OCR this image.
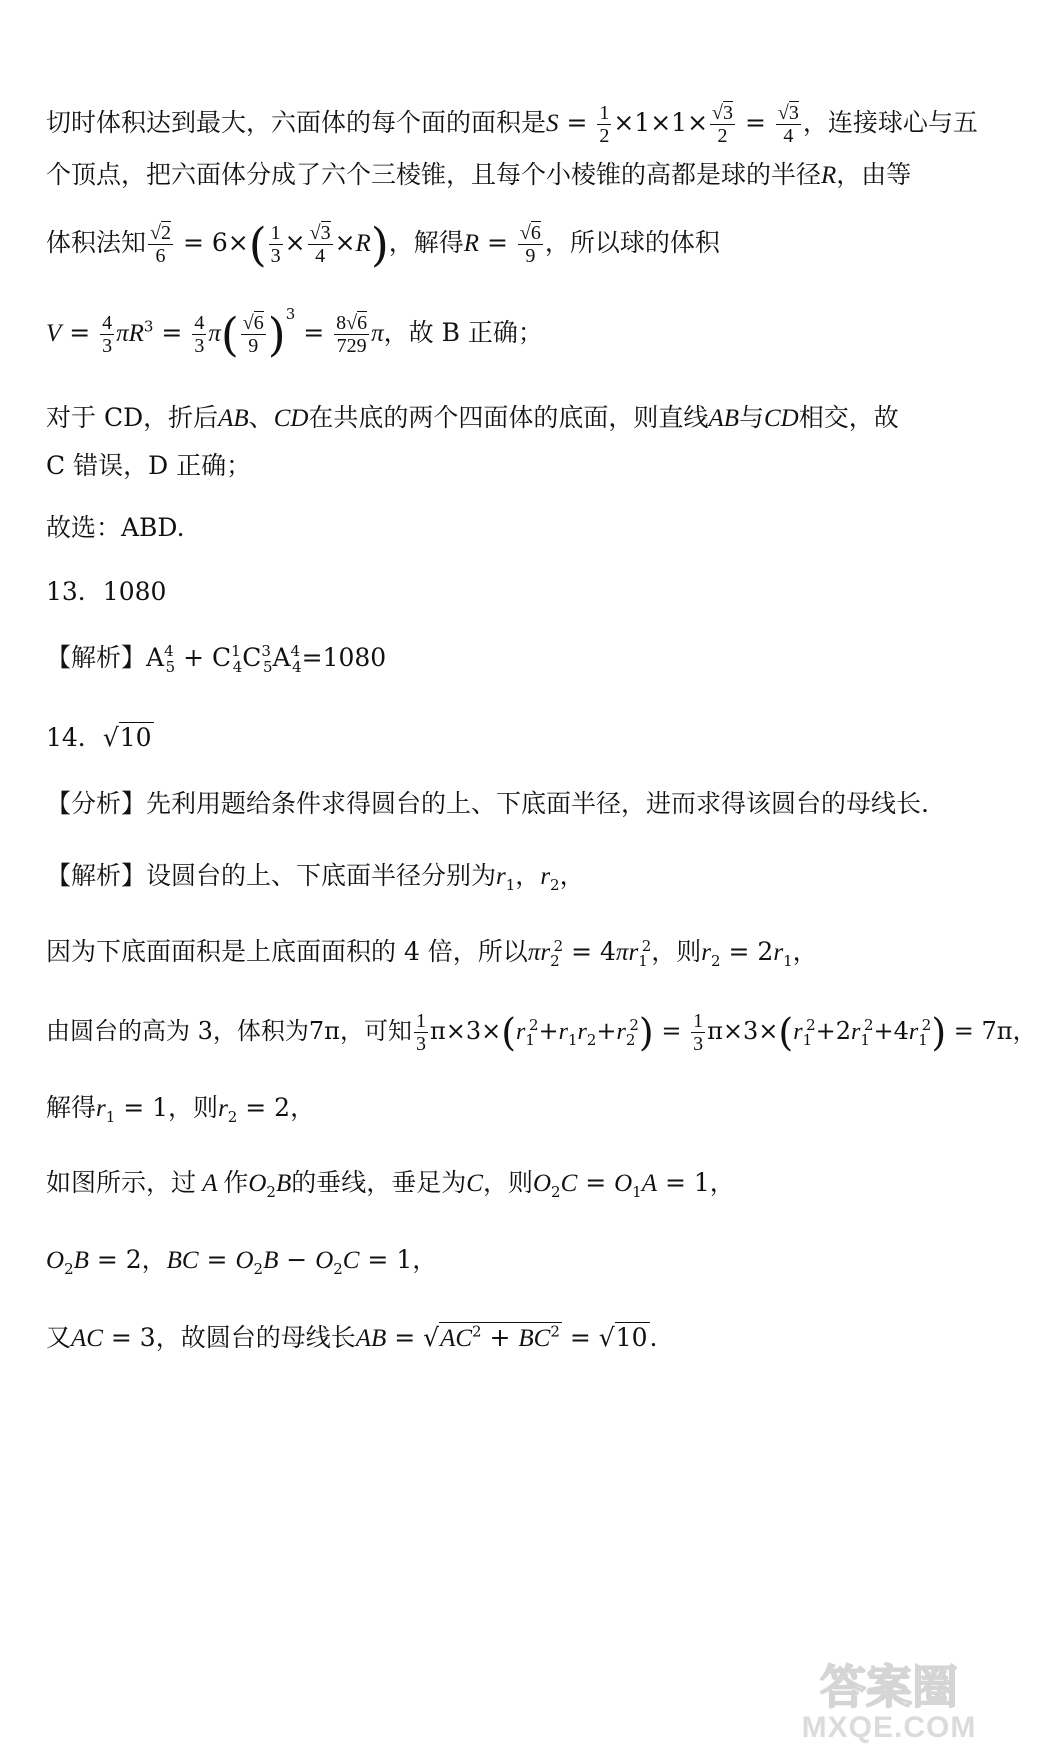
切时体积达到最大，六面体的每个面的面积是$S = \frac{1}{2} \times 1\times 1\times \frac{√3}{2} = \frac{√3}{4}$ ，连接球心与五
个顶点，把六面体分成了六个三棱锥，且每个小棱锥的高都是球的半径R，由等
体积法知 $\frac{√2}{6} = 6\times( \frac{1}{3} \times \frac{√3}{4} \times R)$，解得$R = \frac{√6}{9}$ ，所以球的体积
$V = \frac{4}{3} \pi R^3 = \frac{4}{3} \pi( \frac{√6}{9} )^3 = \frac{8√6}{729}$ π，故 B 正确；
对于 CD，折后AB、CD在共底的两个四面体的底面，则直线AB与CD相交，故
C 错误，D 正确；
故选：ABD.
13．1080
【解析】$A^4_5 + C^1_4C^3_5A^4_4=1080$
14．√10
【分析】先利用题给条件求得圆台的上、下底面半径，进而求得该圆台的母线长.
【解析】设圆台的上、下底面半径分别为$r_1$，$r_2$，
因为下底面面积是上底面面积的 4 倍，所以$\pi r_2^2 = 4\pi r_1^2$，则$r_2 = 2r_1$，
由圆台的高为 3，体积为7π，可知 $\frac{1}{3} \pi\times 3\times(r_1^2+r_1r_2+r_2^2) = \frac{1}{3} \pi\times 3\times(r_1^2+2r_1^2+4r_1^2) = 7\pi$，
解得$r_1 = 1$，则$r_2 = 2$，
如图所示，过 A 作$O_2B$的垂线，垂足为C，则$O_2C = O_1A = 1$，
$O_2B = 2$，BC = $O_2B - O_2C = 1$，
又AC = 3，故圆台的母线长AB = $√AC^2 + BC^2 = √10$.
答案圈
MXQE.COM
